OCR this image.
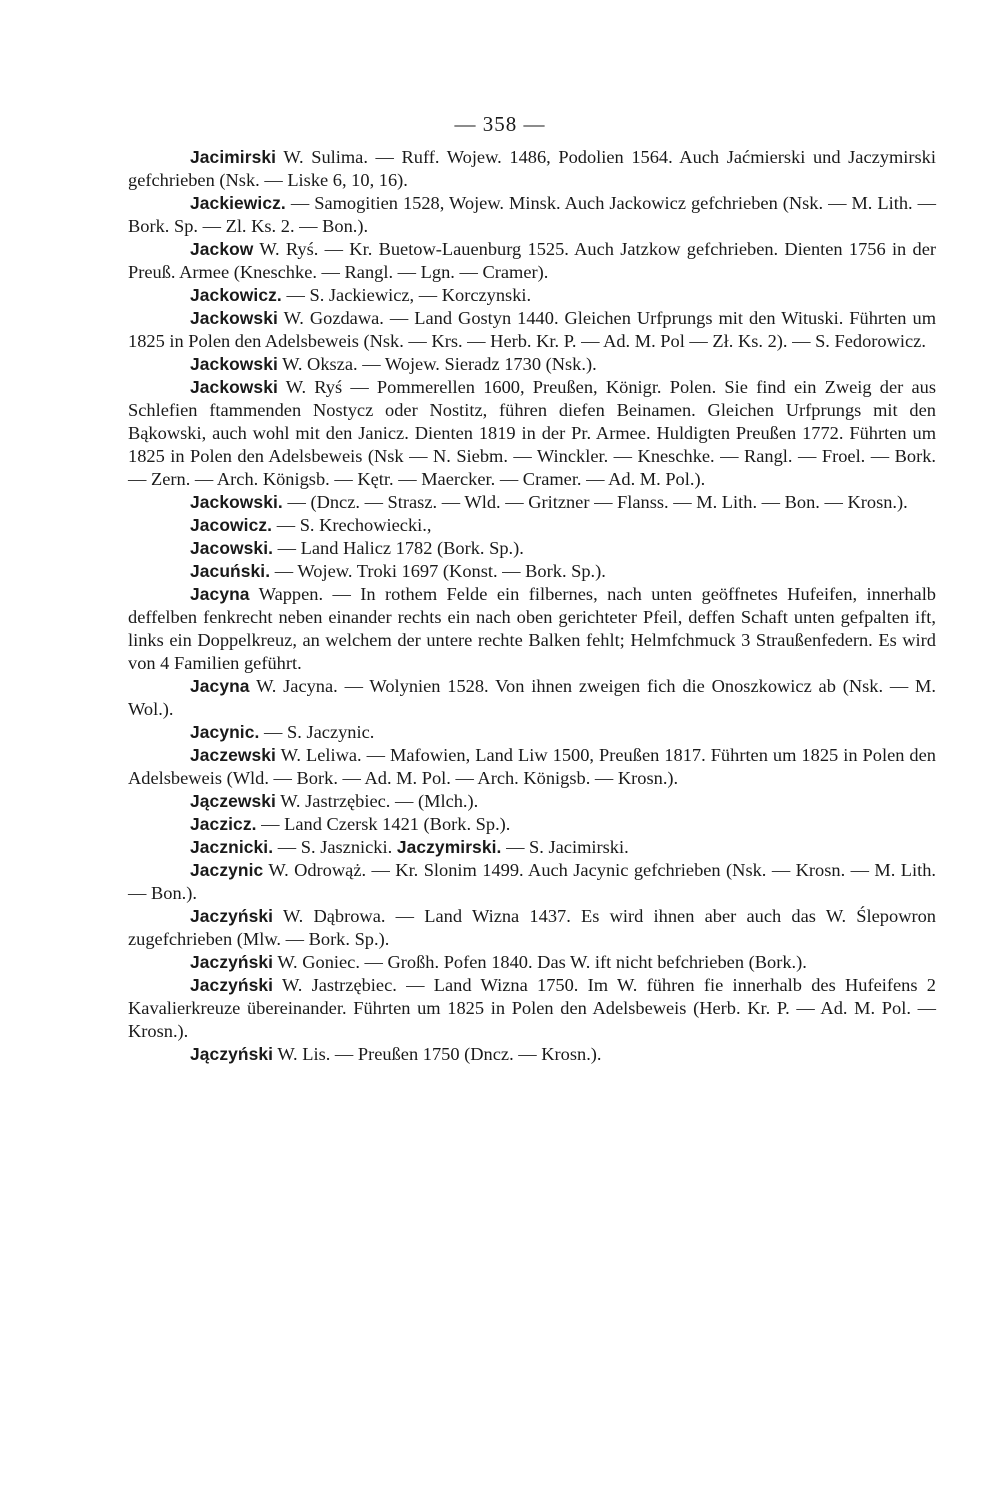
— 358 —

Jacimirski W. Sulima. — Ruff. Wojew. 1486, Podolien 1564. Auch Jaćmierski und Jaczymirski gefchrieben (Nsk. — Liske 6, 10, 16).

Jackiewicz. — Samogitien 1528, Wojew. Minsk. Auch Jackowicz gefchrieben (Nsk. — M. Lith. — Bork. Sp. — Zl. Ks. 2. — Bon.).

Jackow W. Ryś. — Kr. Buetow-Lauenburg 1525. Auch Jatzkow gefchrieben. Dienten 1756 in der Preuß. Armee (Kneschke. — Rangl. — Lgn. — Cramer).

Jackowicz. — S. Jackiewicz, — Korczynski.

Jackowski W. Gozdawa. — Land Gostyn 1440. Gleichen Urfprungs mit den Wituski. Führten um 1825 in Polen den Adelsbeweis (Nsk. — Krs. — Herb. Kr. P. — Ad. M. Pol — Zł. Ks. 2). — S. Fedorowicz.

Jackowski W. Oksza. — Wojew. Sieradz 1730 (Nsk.).

Jackowski W. Ryś — Pommerellen 1600, Preußen, Königr. Polen. Sie find ein Zweig der aus Schlefien ftammenden Nostycz oder Nostitz, führen diefen Beinamen. Gleichen Urfprungs mit den Bąkowski, auch wohl mit den Janicz. Dienten 1819 in der Pr. Armee. Huldigten Preußen 1772. Führten um 1825 in Polen den Adelsbeweis (Nsk — N. Siebm. — Winckler. — Kneschke. — Rangl. — Froel. — Bork. — Zern. — Arch. Königsb. — Kętr. — Maercker. — Cramer. — Ad. M. Pol.).

Jackowski. — (Dncz. — Strasz. — Wld. — Gritzner — Flanss. — M. Lith. — Bon. — Krosn.).

Jacowicz. — S. Krechowiecki.,

Jacowski. — Land Halicz 1782 (Bork. Sp.).

Jacuński. — Wojew. Troki 1697 (Konst. — Bork. Sp.).

Jacyna Wappen. — In rothem Felde ein filbernes, nach unten geöffnetes Hufeifen, innerhalb deffelben fenkrecht neben einander rechts ein nach oben gerichteter Pfeil, deffen Schaft unten gefpalten ift, links ein Doppelkreuz, an welchem der untere rechte Balken fehlt; Helmfchmuck 3 Straußenfedern. Es wird von 4 Familien geführt.

Jacyna W. Jacyna. — Wolynien 1528. Von ihnen zweigen fich die Onoszkowicz ab (Nsk. — M. Wol.).

Jacynic. — S. Jaczynic.

Jaczewski W. Leliwa. — Mafowien, Land Liw 1500, Preußen 1817. Führten um 1825 in Polen den Adelsbeweis (Wld. — Bork. — Ad. M. Pol. — Arch. Königsb. — Krosn.).

Jączewski W. Jastrzębiec. — (Mlch.).

Jaczicz. — Land Czersk 1421 (Bork. Sp.).

Jacznicki. — S. Jasznicki. Jaczymirski. — S. Jacimirski.

Jaczynic W. Odrowąż. — Kr. Slonim 1499. Auch Jacynic gefchrieben (Nsk. — Krosn. — M. Lith. — Bon.).

Jaczyński W. Dąbrowa. — Land Wizna 1437. Es wird ihnen aber auch das W. Ślepowron zugefchrieben (Mlw. — Bork. Sp.).

Jaczyński W. Goniec. — Großh. Pofen 1840. Das W. ift nicht befchrieben (Bork.).

Jaczyński W. Jastrzębiec. — Land Wizna 1750. Im W. führen fie innerhalb des Hufeifens 2 Kavalierkreuze übereinander. Führten um 1825 in Polen den Adelsbeweis (Herb. Kr. P. — Ad. M. Pol. — Krosn.).

Jączyński W. Lis. — Preußen 1750 (Dncz. — Krosn.).
